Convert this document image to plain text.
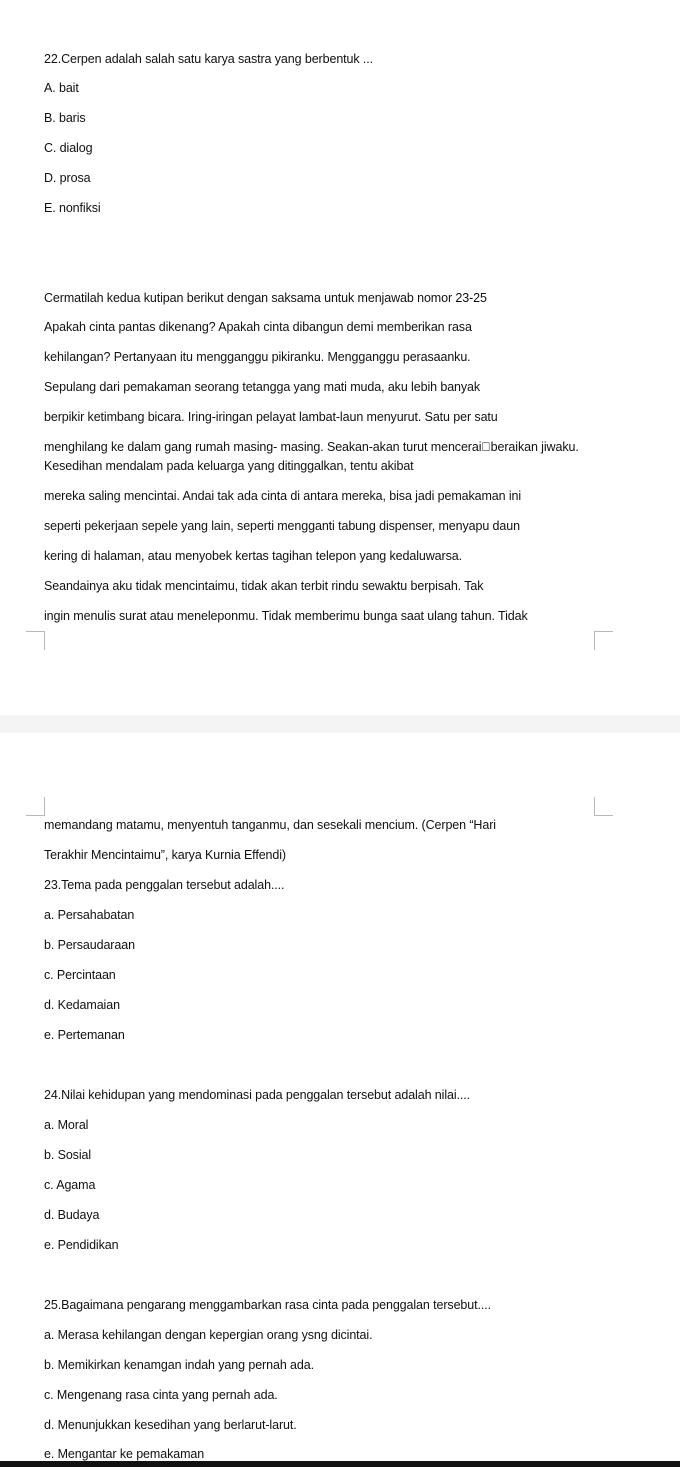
22.Cerpen adalah salah satu karya sastra yang berbentuk ...
A. bait
B. baris
C. dialog
D. prosa
E. nonfiksi
Cermatilah kedua kutipan berikut dengan saksama untuk menjawab nomor 23-25
Apakah cinta pantas dikenang? Apakah cinta dibangun demi memberikan rasa
kehilangan? Pertanyaan itu mengganggu pikiranku. Mengganggu perasaanku.
Sepulang dari pemakaman seorang tetangga yang mati muda, aku lebih banyak
berpikir ketimbang bicara. Iring-iringan pelayat lambat-laun menyurut. Satu per satu
menghilang ke dalam gang rumah masing- masing. Seakan-akan turut mencerai beraikan jiwaku.
Kesedihan mendalam pada keluarga yang ditinggalkan, tentu akibat
mereka saling mencintai. Andai tak ada cinta di antara mereka, bisa jadi pemakaman ini
seperti pekerjaan sepele yang lain, seperti mengganti tabung dispenser, menyapu daun
kering di halaman, atau menyobek kertas tagihan telepon yang kedaluwarsa.
Seandainya aku tidak mencintaimu, tidak akan terbit rindu sewaktu berpisah. Tak
ingin menulis surat atau meneleponmu. Tidak memberimu bunga saat ulang tahun. Tidak
memandang matamu, menyentuh tanganmu, dan sesekali mencium. (Cerpen “Hari
Terakhir Mencintaimu”, karya Kurnia Effendi)
23.Tema pada penggalan tersebut adalah....
a. Persahabatan
b. Persaudaraan
c. Percintaan
d. Kedamaian
e. Pertemanan
24.Nilai kehidupan yang mendominasi pada penggalan tersebut adalah nilai....
a. Moral
b. Sosial
c. Agama
d. Budaya
e. Pendidikan
25.Bagaimana pengarang menggambarkan rasa cinta pada penggalan tersebut....
a. Merasa kehilangan dengan kepergian orang ysng dicintai.
b. Memikirkan kenamgan indah yang pernah ada.
c. Mengenang rasa cinta yang pernah ada.
d. Menunjukkan kesedihan yang berlarut-larut.
e. Mengantar ke pemakaman
